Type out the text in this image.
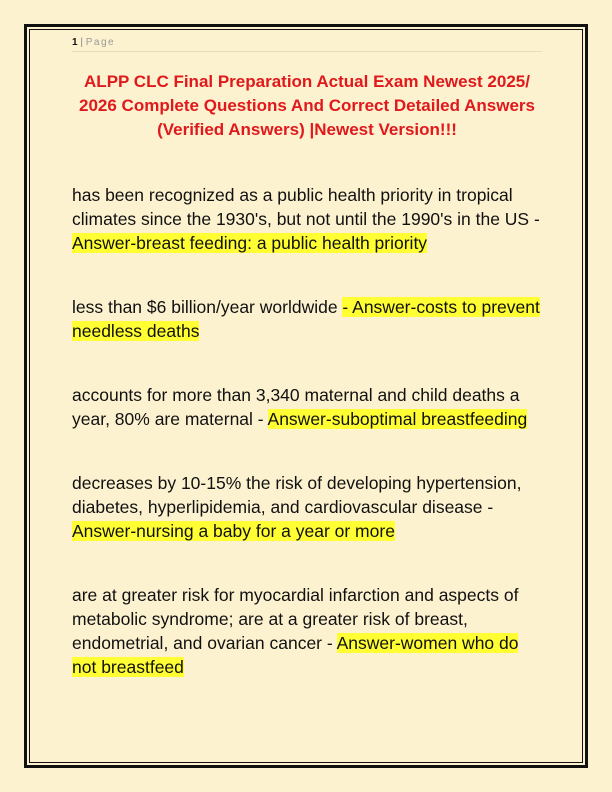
1 | Page
ALPP CLC Final Preparation Actual Exam Newest 2025/ 2026 Complete Questions And Correct Detailed Answers (Verified Answers) |Newest Version!!!

has been recognized as a public health priority in tropical climates since the 1930's, but not until the 1990's in the US - Answer-breast feeding: a public health priority

less than $6 billion/year worldwide - Answer-costs to prevent needless deaths

accounts for more than 3,340 maternal and child deaths a year, 80% are maternal - Answer-suboptimal breastfeeding

decreases by 10-15% the risk of developing hypertension, diabetes, hyperlipidemia, and cardiovascular disease - Answer-nursing a baby for a year or more

are at greater risk for myocardial infarction and aspects of metabolic syndrome; are at a greater risk of breast, endometrial, and ovarian cancer - Answer-women who do not breastfeed
